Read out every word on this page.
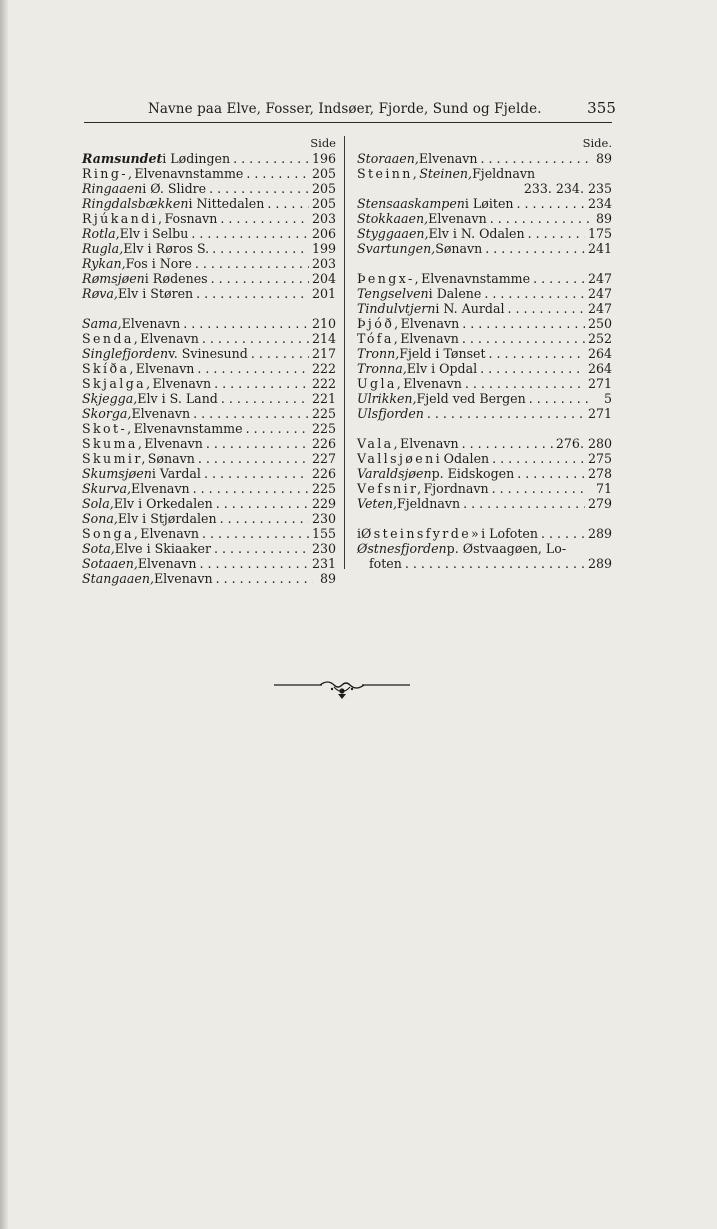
Navne paa Elve, Fosser, Indsøer, Fjorde, Sund og Fjelde.	355
Side
Ramsundet i Lødingen . . .	196
Ring-, Elvenavnstamme . . .	205
Ringaaen i Ø. Slidre . . .	205
Ringdalsbækken i Nittedalen . . .	205
Rjúkandi, Fosnavn . . .	203
Rotla, Elv i Selbu . . .	206
Rugla, Elv i Røros S. . . .	199
Rykan, Fos i Nore . . .	203
Rømsjøen i Rødenes . . .	204
Røva, Elv i Støren . . .	201
Sama, Elvenavn . . .	210
Senda, Elvenavn . . .	214
Singlefjorden v. Svinesund . . .	217
Skíða, Elvenavn . . .	222
Skjalga, Elvenavn . . .	222
Skjegga, Elv i S. Land . . .	221
Skorga, Elvenavn . . .	225
Skot-, Elvenavnstamme . . .	225
Skuma, Elvenavn . . .	226
Skumir, Sønavn . . .	227
Skumsjøen i Vardal . . .	226
Skurva, Elvenavn . . .	225
Sola, Elv i Orkedalen . . .	229
Sona, Elv i Stjørdalen . . .	230
Songa, Elvenavn . . .	155
Sota, Elve i Skiaaker . . .	230
Sotaaen, Elvenavn . . .	231
Stangaaen, Elvenavn . . .	89
Side.
Storaaen, Elvenavn . . .	89
Steinn, Steinen, Fjeldnavn
233. 234. 235
Stensaaskampen i Løiten . . .	234
Stokkaaen, Elvenavn . . .	89
Styggaaen, Elv i N. Odalen . . .	175
Svartungen, Sønavn . . .	241
Þengx-, Elvenavnstamme . . .	247
Tengselven i Dalene . . .	247
Tindulvtjern i N. Aurdal . . .	247
Þjóð, Elvenavn . . .	250
Tófa, Elvenavn . . .	252
Tronn, Fjeld i Tønset . . .	264
Tronna, Elv i Opdal . . .	264
Ugla, Elvenavn . . .	271
Ulrikken, Fjeld ved Bergen . . .	5
Ulsfjorden . . .	271
Vala, Elvenavn . . .	276. 280
Vallsjøen i Odalen . . .	275
Varaldsjøen p. Eidskogen . . .	278
Vefsnir, Fjordnavn . . .	71
Veten, Fjeldnavn . . .	279
i Østeinsfyrde» i Lofoten . . .	289
Østnesfjorden p. Østvaagøen, Lo-
foten . . .	289
